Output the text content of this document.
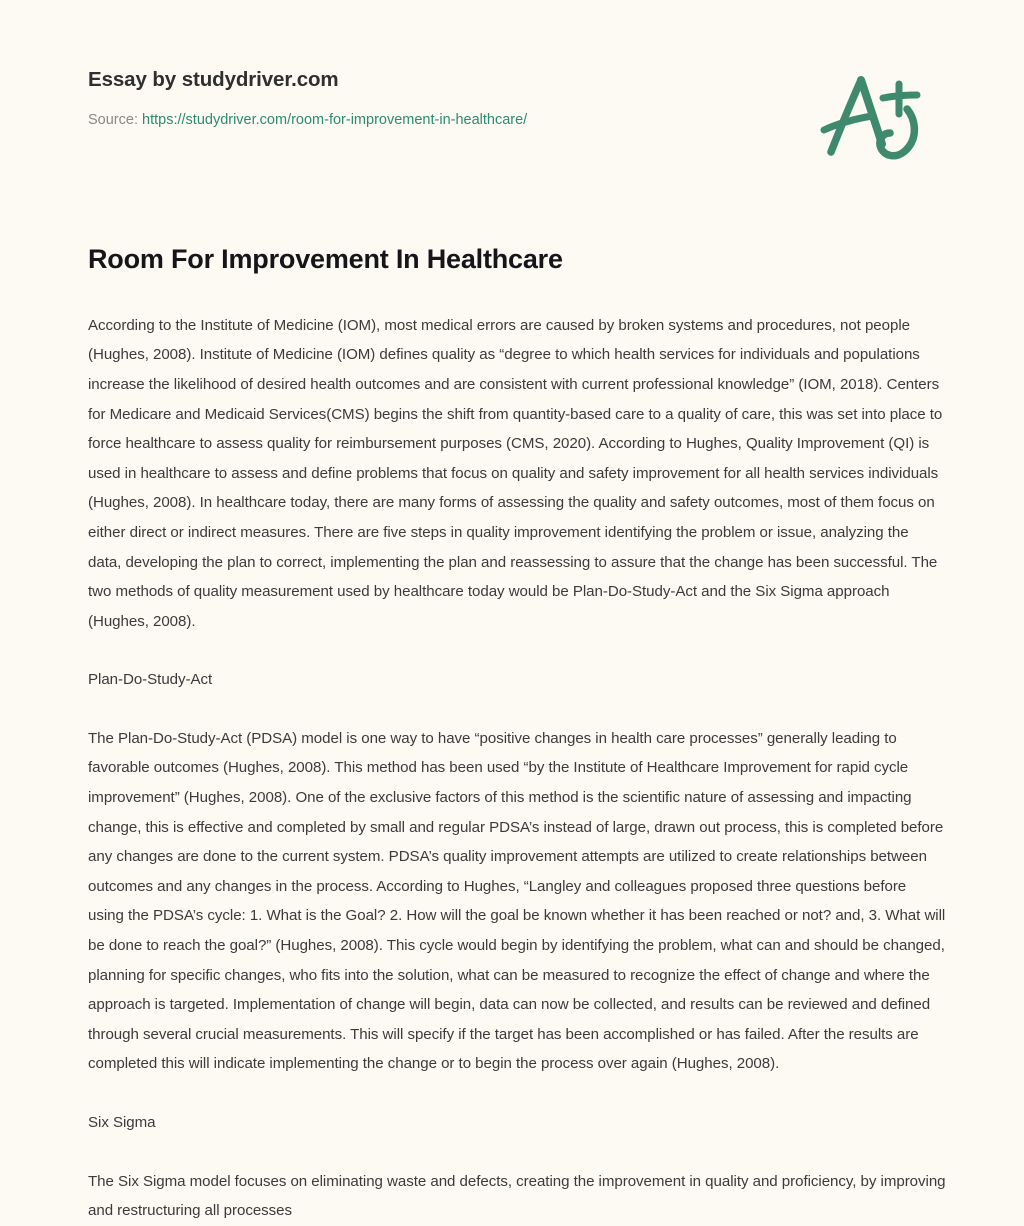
Essay by studydriver.com
Source: https://studydriver.com/room-for-improvement-in-healthcare/
Room For Improvement In Healthcare

According to the Institute of Medicine (IOM), most medical errors are caused by broken systems and procedures, not people (Hughes, 2008). Institute of Medicine (IOM) defines quality as “degree to which health services for individuals and populations increase the likelihood of desired health outcomes and are consistent with current professional knowledge” (IOM, 2018). Centers for Medicare and Medicaid Services(CMS) begins the shift from quantity-based care to a quality of care, this was set into place to force healthcare to assess quality for reimbursement purposes (CMS, 2020). According to Hughes, Quality Improvement (QI) is used in healthcare to assess and define problems that focus on quality and safety improvement for all health services individuals (Hughes, 2008). In healthcare today, there are many forms of assessing the quality and safety outcomes, most of them focus on either direct or indirect measures. There are five steps in quality improvement identifying the problem or issue, analyzing the data, developing the plan to correct, implementing the plan and reassessing to assure that the change has been successful. The two methods of quality measurement used by healthcare today would be Plan-Do-Study-Act and the Six Sigma approach (Hughes, 2008).

Plan-Do-Study-Act

The Plan-Do-Study-Act (PDSA) model is one way to have “positive changes in health care processes” generally leading to favorable outcomes (Hughes, 2008). This method has been used “by the Institute of Healthcare Improvement for rapid cycle improvement” (Hughes, 2008). One of the exclusive factors of this method is the scientific nature of assessing and impacting change, this is effective and completed by small and regular PDSA’s instead of large, drawn out process, this is completed before any changes are done to the current system. PDSA’s quality improvement attempts are utilized to create relationships between outcomes and any changes in the process. According to Hughes, “Langley and colleagues proposed three questions before using the PDSA’s cycle: 1. What is the Goal? 2. How will the goal be known whether it has been reached or not? and, 3. What will be done to reach the goal?” (Hughes, 2008). This cycle would begin by identifying the problem, what can and should be changed, planning for specific changes, who fits into the solution, what can be measured to recognize the effect of change and where the approach is targeted. Implementation of change will begin, data can now be collected, and results can be reviewed and defined through several crucial measurements. This will specify if the target has been accomplished or has failed. After the results are completed this will indicate implementing the change or to begin the process over again (Hughes, 2008).

Six Sigma

The Six Sigma model focuses on eliminating waste and defects, creating the improvement in quality and proficiency, by improving and restructuring all processes
